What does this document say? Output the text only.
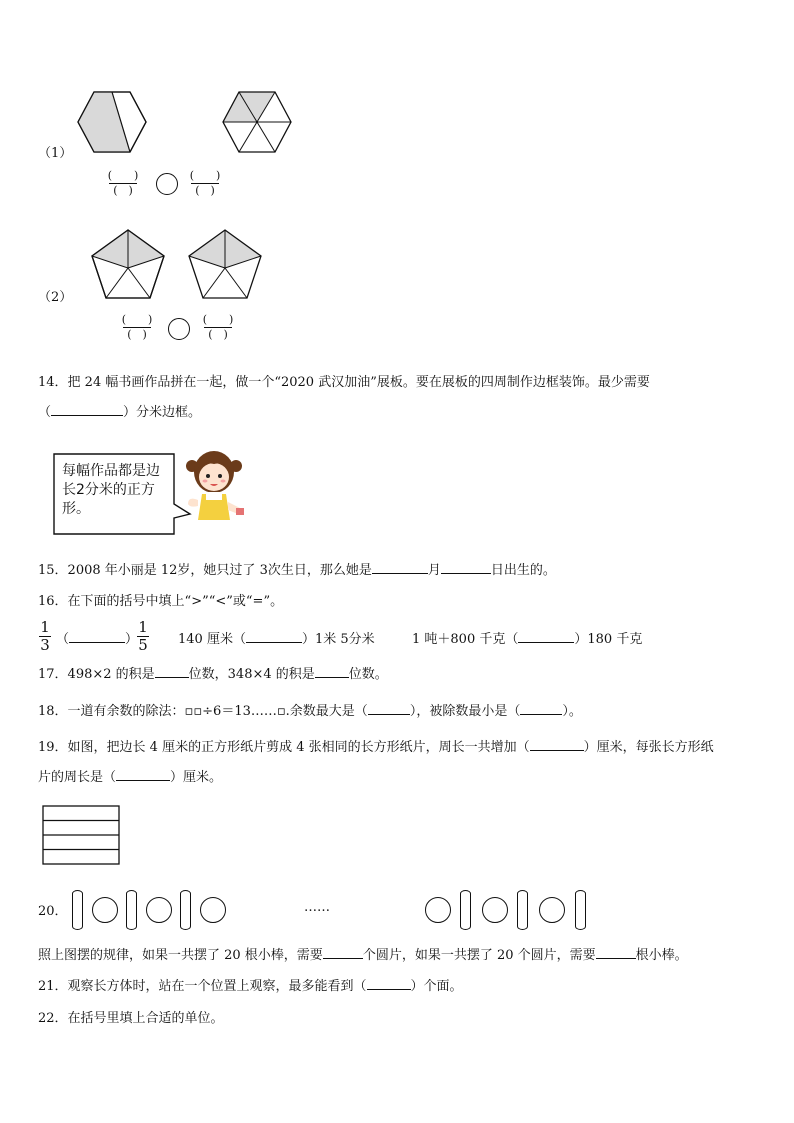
（1）
(　　)
(　)
(　　)
(　)
（2）
(　　)
(　)
(　　)
(　)
14．把 24 幅书画作品拼在一起，做一个“2020 武汉加油”展板。要在展板的四周制作边框装饰。最少需要
（	）分米边框。
每幅作品都是边
长2分米的正方
形。
15．2008 年小丽是 12岁，她只过了 3次生日，那么她是	月	日出生的。
16．在下面的括号中填上“>”“<”或“=”。
1
3 （	）
1
5 140 厘米（	）1米 5分米	1 吨＋800 千克（	）180 千克
17．498×2 的积是	位数，348×4 的积是	位数。
18．一道有余数的除法：▫▫÷6＝13……▫.余数最大是（	），被除数最小是（	）。
19．如图，把边长 4 厘米的正方形纸片剪成 4 张相同的长方形纸片，周长一共增加（	）厘米，每张长方形纸
片的周长是（	）厘米。
20．	……
照上图摆的规律，如果一共摆了 20 根小棒，需要	个圆片，如果一共摆了 20 个圆片，需要	根小棒。
21．观察长方体时，站在一个位置上观察，最多能看到（	）个面。
22．在括号里填上合适的单位。
